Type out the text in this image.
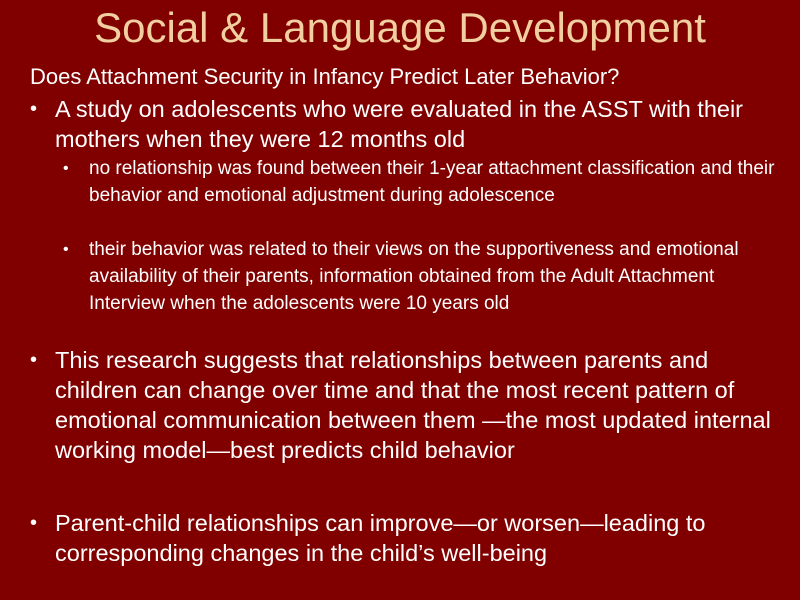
Social & Language Development
Does Attachment Security in Infancy Predict Later Behavior?
• A study on adolescents who were evaluated in the ASST with their mothers when they were 12 months old
• no relationship was found between their 1-year attachment classification and their behavior and emotional adjustment during adolescence
• their behavior was related to their views on the supportiveness and emotional availability of their parents, information obtained from the Adult Attachment Interview when the adolescents were 10 years old
• This research suggests that relationships between parents and children can change over time and that the most recent pattern of emotional communication between them —the most updated internal working model—best predicts child behavior
• Parent-child relationships can improve—or worsen—leading to corresponding changes in the child’s well-being
